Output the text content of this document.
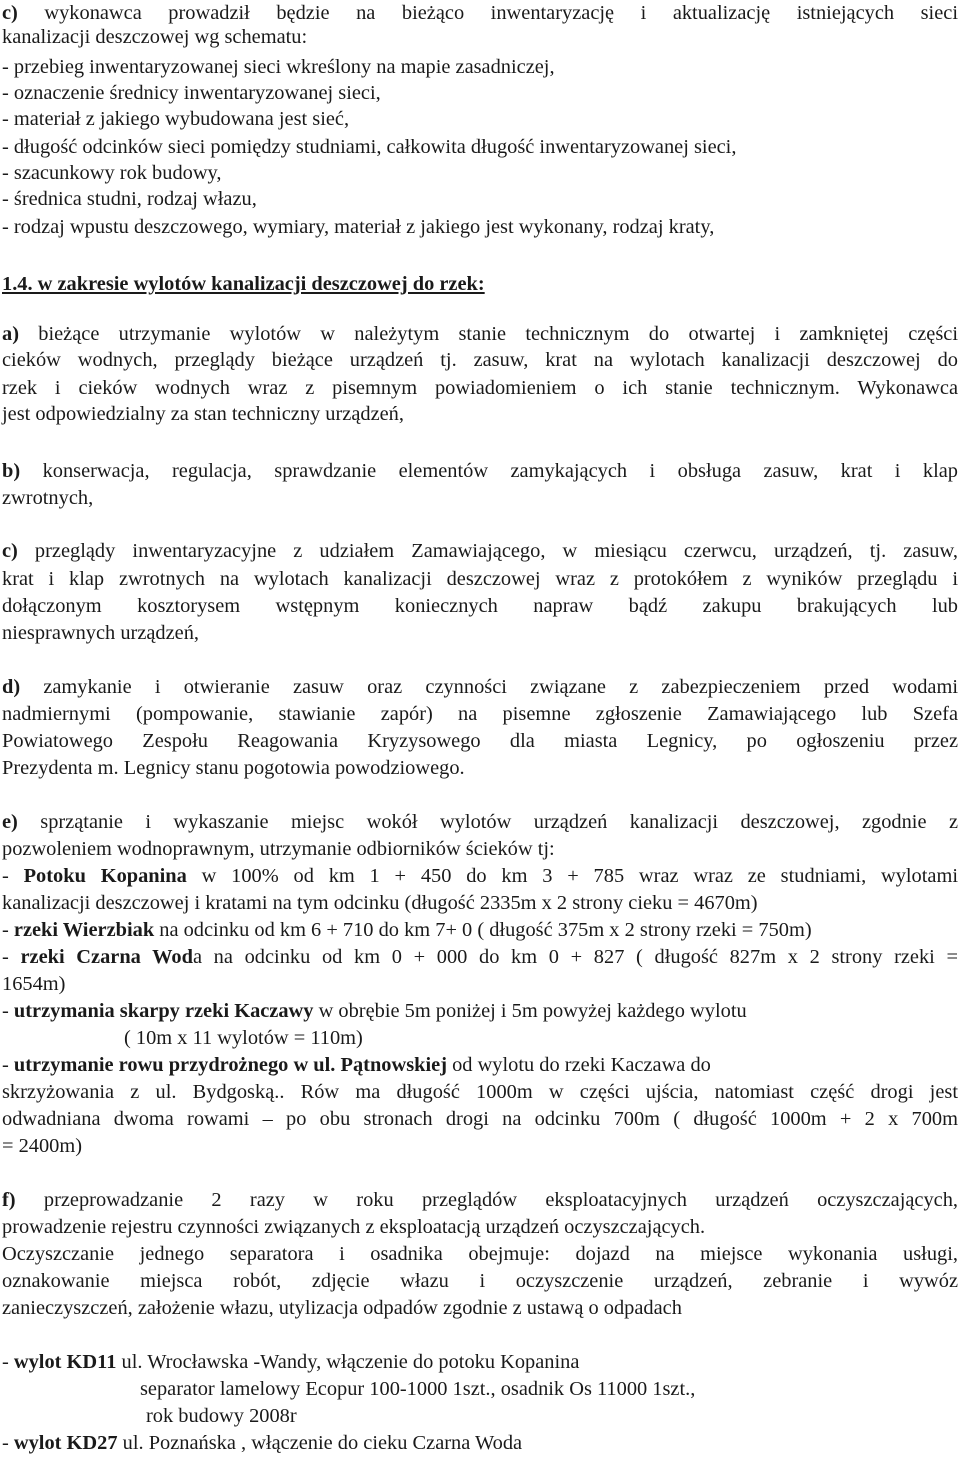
c) wykonawca prowadził będzie na bieżąco inwentaryzację i aktualizację istniejących sieci
kanalizacji deszczowej wg schematu:
- przebieg inwentaryzowanej sieci wkreślony na mapie zasadniczej,
- oznaczenie średnicy inwentaryzowanej sieci,
- materiał z jakiego wybudowana jest sieć,
- długość odcinków sieci pomiędzy studniami, całkowita długość inwentaryzowanej sieci,
- szacunkowy rok budowy,
- średnica studni, rodzaj włazu,
- rodzaj wpustu deszczowego, wymiary, materiał z jakiego jest wykonany, rodzaj kraty,
1.4. w zakresie wylotów kanalizacji deszczowej do rzek:
a) bieżące utrzymanie wylotów w należytym stanie technicznym do otwartej i zamkniętej części
cieków wodnych, przeglądy bieżące urządzeń tj. zasuw, krat na wylotach kanalizacji deszczowej do
rzek i cieków wodnych wraz z pisemnym powiadomieniem o ich stanie technicznym. Wykonawca
jest odpowiedzialny za stan techniczny urządzeń,
b) konserwacja, regulacja, sprawdzanie elementów zamykających i obsługa zasuw, krat i klap
zwrotnych,
c) przeglądy inwentaryzacyjne z udziałem Zamawiającego, w miesiącu czerwcu, urządzeń, tj. zasuw,
krat i klap zwrotnych na wylotach kanalizacji deszczowej wraz z protokółem z wyników przeglądu i
dołączonym kosztorysem wstępnym koniecznych napraw bądź zakupu brakujących lub
niesprawnych urządzeń,
d) zamykanie i otwieranie zasuw oraz czynności związane z zabezpieczeniem przed wodami
nadmiernymi (pompowanie, stawianie zapór) na pisemne zgłoszenie Zamawiającego lub Szefa
Powiatowego Zespołu Reagowania Kryzysowego dla miasta Legnicy, po ogłoszeniu przez
Prezydenta m. Legnicy stanu pogotowia powodziowego.
e) sprzątanie i wykaszanie miejsc wokół wylotów urządzeń kanalizacji deszczowej, zgodnie z
pozwoleniem wodnoprawnym, utrzymanie odbiorników ścieków tj:
- Potoku Kopanina w 100% od km 1 + 450 do km 3 + 785 wraz wraz ze studniami, wylotami
kanalizacji deszczowej i kratami na tym odcinku (długość 2335m x 2 strony cieku = 4670m)
- rzeki Wierzbiak na odcinku od km 6 + 710 do km 7+ 0 ( długość 375m x 2 strony rzeki = 750m)
- rzeki Czarna Woda na odcinku od km 0 + 000 do km 0 + 827 ( długość 827m x 2 strony rzeki =
1654m)
- utrzymania skarpy rzeki Kaczawy w obrębie 5m poniżej i 5m powyżej każdego wylotu
( 10m x 11 wylotów = 110m)
- utrzymanie rowu przydrożnego w ul. Pątnowskiej od wylotu do rzeki Kaczawa do
skrzyżowania z ul. Bydgoską.. Rów ma długość 1000m w części ujścia, natomiast część drogi jest
odwadniana dwoma rowami – po obu stronach drogi na odcinku 700m ( długość 1000m + 2 x 700m
= 2400m)
f) przeprowadzanie 2 razy w roku przeglądów eksploatacyjnych urządzeń oczyszczających,
prowadzenie rejestru czynności związanych z eksploatacją urządzeń oczyszczających.
Oczyszczanie jednego separatora i osadnika obejmuje: dojazd na miejsce wykonania usługi,
oznakowanie miejsca robót, zdjęcie włazu i oczyszczenie urządzeń, zebranie i wywóz
zanieczyszczeń, założenie włazu, utylizacja odpadów zgodnie z ustawą o odpadach
- wylot KD11 ul. Wrocławska -Wandy, włączenie do potoku Kopanina
separator lamelowy Ecopur 100-1000 1szt., osadnik Os 11000 1szt.,
rok budowy 2008r
- wylot KD27 ul. Poznańska , włączenie do cieku Czarna Woda
